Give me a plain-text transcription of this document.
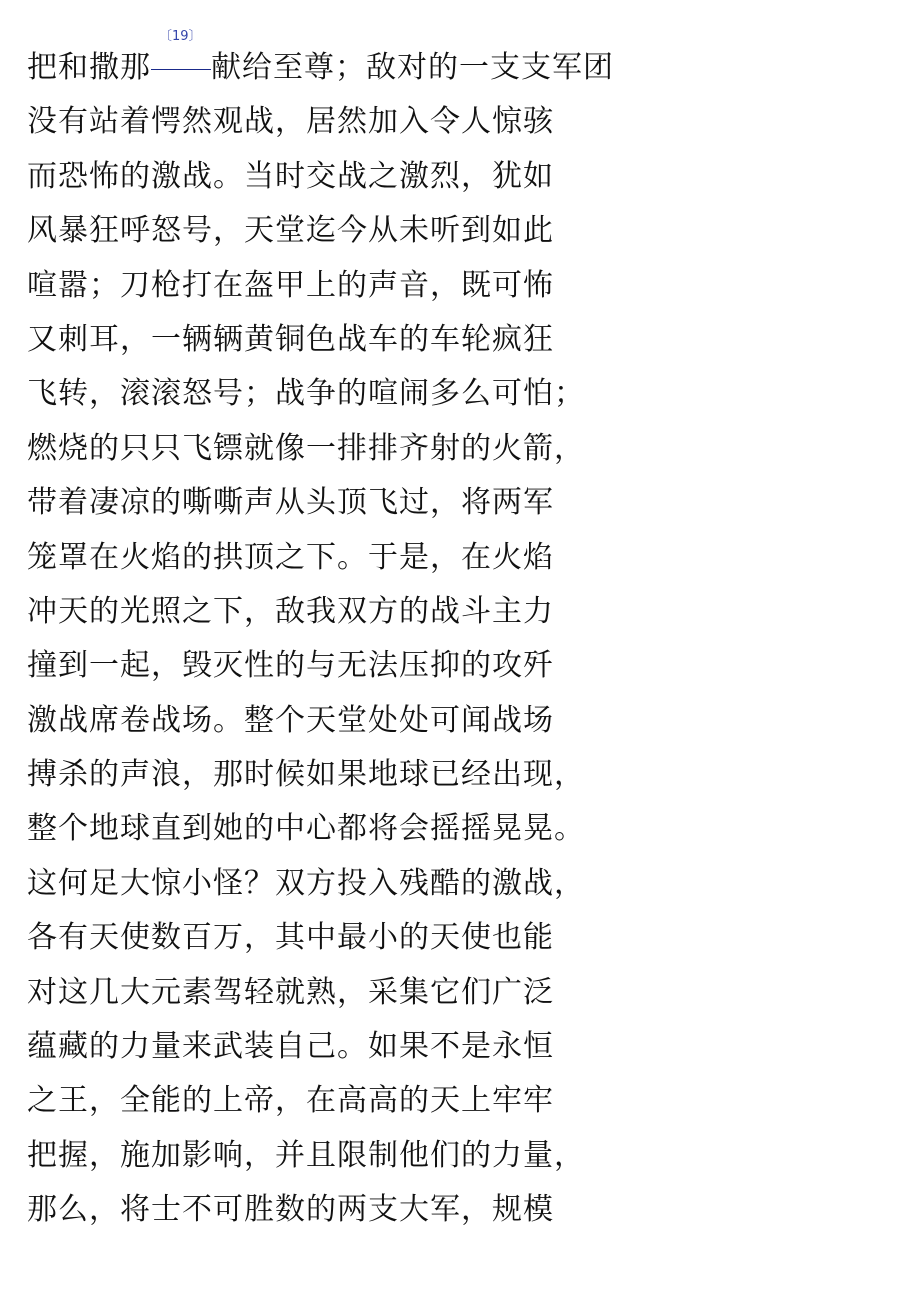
把和撒那
〔19〕
献给至尊；敌对的一支支军团
没有站着愕然观战，居然加入令人惊骇
而恐怖的激战。当时交战之激烈，犹如
风暴狂呼怒号，天堂迄今从未听到如此
喧嚣；刀枪打在盔甲上的声音，既可怖
又刺耳，一辆辆黄铜色战车的车轮疯狂
飞转，滚滚怒号；战争的喧闹多么可怕；
燃烧的只只飞镖就像一排排齐射的火箭，
带着凄凉的嘶嘶声从头顶飞过，将两军
笼罩在火焰的拱顶之下。于是，在火焰
冲天的光照之下，敌我双方的战斗主力
撞到一起，毁灭性的与无法压抑的攻歼
激战席卷战场。整个天堂处处可闻战场
搏杀的声浪，那时候如果地球已经出现，
整个地球直到她的中心都将会摇摇晃晃。
这何足大惊小怪？双方投入残酷的激战，
各有天使数百万，其中最小的天使也能
对这几大元素驾轻就熟，采集它们广泛
蕴藏的力量来武装自己。如果不是永恒
之王，全能的上帝，在高高的天上牢牢
把握，施加影响，并且限制他们的力量，
那么，将士不可胜数的两支大军，规模
